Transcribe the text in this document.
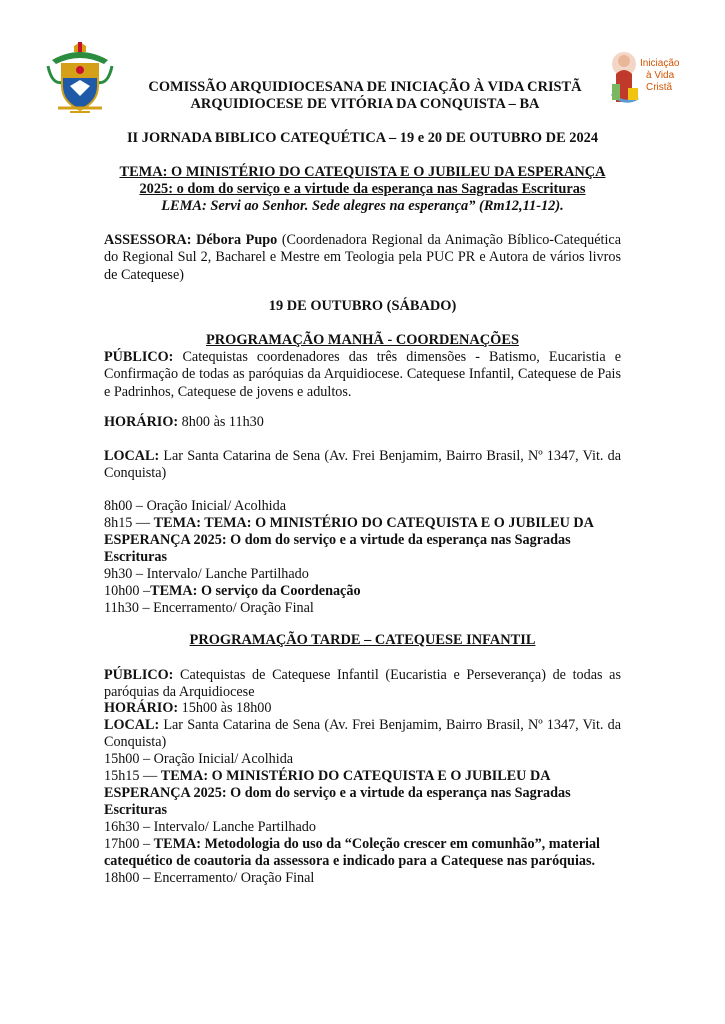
Iniciação
à Vida
Cristã
COMISSÃO ARQUIDIOCESANA DE INICIAÇÃO À VIDA CRISTÃ
ARQUIDIOCESE DE VITÓRIA DA CONQUISTA – BA
II JORNADA BIBLICO CATEQUÉTICA – 19 e 20 DE OUTUBRO DE 2024
TEMA: O MINISTÉRIO DO CATEQUISTA E O JUBILEU DA ESPERANÇA
2025: o dom do serviço e a virtude da esperança nas Sagradas Escrituras
LEMA: Servi ao Senhor. Sede alegres na esperança” (Rm12,11-12).
ASSESSORA: Débora Pupo (Coordenadora Regional da Animação Bíblico-Catequética do Regional Sul 2, Bacharel e Mestre em Teologia pela PUC PR e Autora de vários livros de Catequese)
19 DE OUTUBRO (SÁBADO)
PROGRAMAÇÃO MANHÃ - COORDENAÇÕES
PÚBLICO: Catequistas coordenadores das três dimensões - Batismo, Eucaristia e Confirmação de todas as paróquias da Arquidiocese. Catequese Infantil, Catequese de Pais e Padrinhos, Catequese de jovens e adultos.
HORÁRIO: 8h00 às 11h30
LOCAL: Lar Santa Catarina de Sena (Av. Frei Benjamim, Bairro Brasil, Nº 1347, Vit. da Conquista)
8h00 – Oração Inicial/ Acolhida
8h15 — TEMA: TEMA: O MINISTÉRIO DO CATEQUISTA E O JUBILEU DA
ESPERANÇA 2025: O dom do serviço e a virtude da esperança nas Sagradas
Escrituras
9h30 – Intervalo/ Lanche Partilhado
10h00 –TEMA: O serviço da Coordenação
11h30 – Encerramento/ Oração Final
PROGRAMAÇÃO TARDE – CATEQUESE INFANTIL
PÚBLICO: Catequistas de Catequese Infantil (Eucaristia e Perseverança) de todas as paróquias da Arquidiocese
HORÁRIO: 15h00 às 18h00
LOCAL: Lar Santa Catarina de Sena (Av. Frei Benjamim, Bairro Brasil, Nº 1347, Vit. da Conquista)
15h00 – Oração Inicial/ Acolhida
15h15 — TEMA: O MINISTÉRIO DO CATEQUISTA E O JUBILEU DA
ESPERANÇA 2025: O dom do serviço e a virtude da esperança nas Sagradas
Escrituras
16h30 – Intervalo/ Lanche Partilhado
17h00 – TEMA: Metodologia do uso da “Coleção crescer em comunhão”, material
catequético de coautoria da assessora e indicado para a Catequese nas paróquias.
18h00 – Encerramento/ Oração Final
